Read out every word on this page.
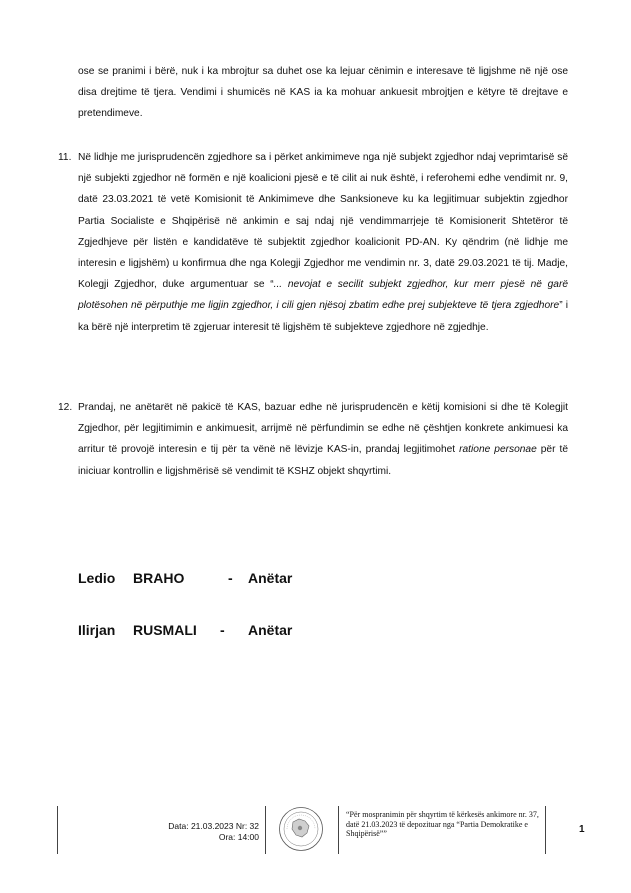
ose se pranimi i bërë, nuk i ka mbrojtur sa duhet ose ka lejuar cënimin e interesave të ligjshme në një ose disa drejtime të tjera. Vendimi i shumicës në KAS ia ka mohuar ankuesit mbrojtjen e këtyre të drejtave e pretendimeve.
11. Në lidhje me jurisprudencën zgjedhore sa i përket ankimimeve nga një subjekt zgjedhor ndaj veprimtarisë së një subjekti zgjedhor në formën e një koalicioni pjesë e të cilit ai nuk është, i referohemi edhe vendimit nr. 9, datë 23.03.2021 të vetë Komisionit të Ankimimeve dhe Sanksioneve ku ka legjitimuar subjektin zgjedhor Partia Socialiste e Shqipërisë në ankimin e saj ndaj një vendimmarrjeje të Komisionerit Shtetëror të Zgjedhjeve për listën e kandidatëve të subjektit zgjedhor koalicionit PD-AN. Ky qëndrim (në lidhje me interesin e ligjshëm) u konfirmua dhe nga Kolegji Zgjedhor me vendimin nr. 3, datë 29.03.2021 të tij. Madje, Kolegji Zgjedhor, duke argumentuar se “... nevojat e secilit subjekt zgjedhor, kur merr pjesë në garë plotësohen në përputhje me ligjin zgjedhor, i cili gjen njësoj zbatim edhe prej subjekteve të tjera zgjedhore” i ka bërë një interpretim të zgjeruar interesit të ligjshëm të subjekteve zgjedhore në zgjedhje.
12. Prandaj, ne anëtarët në pakicë të KAS, bazuar edhe në jurisprudencën e këtij komisioni si dhe të Kolegjit Zgjedhor, për legjitimimin e ankimuesit, arrijmë në përfundimin se edhe në çështjen konkrete ankimuesi ka arritur të provojë interesin e tij për ta vënë në lëvizje KAS-in, prandaj legjitimohet ratione personae për të iniciuar kontrollin e ligjshmërisë së vendimit të KSHZ objekt shqyrtimi.
Ledio BRAHO	- Anëtar
Ilirjan RUSMALI - Anëtar
Data: 21.03.2023 Nr: 32
Ora: 14:00
“Për mospranimin për shqyrtim të kërkesës ankimore nr. 37, datë 21.03.2023 të depozituar nga “Partia Demokratike e Shqipërisë””	1
